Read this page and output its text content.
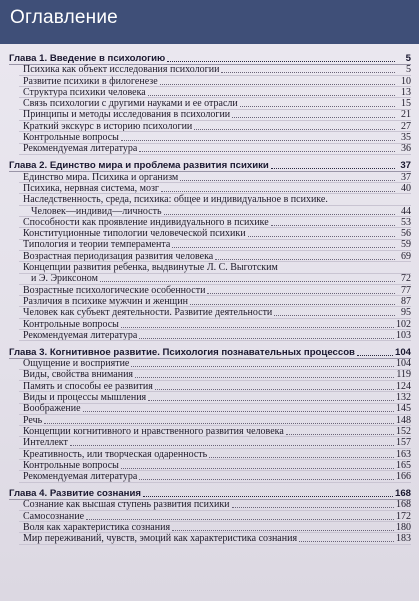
Оглавление
Глава 1. Введение в психологию	5
Психика как объект исследования психологии	5
Развитие психики в филогенезе	10
Структура психики человека	13
Связь психологии с другими науками и ее отрасли	15
Принципы и методы исследования в психологии	21
Краткий экскурс в историю психологии	27
Контрольные вопросы	35
Рекомендуемая литература	36
Глава 2. Единство мира и проблема развития психики	37
Единство мира. Психика и организм	37
Психика, нервная система, мозг	40
Наследственность, среда, психика: общее и индивидуальное в психике.
Человек—индивид—личность	44
Способности как проявление индивидуального в психике	53
Конституционные типологии человеческой психики	56
Типология и теории темперамента	59
Возрастная периодизация развития человека	69
Концепции развития ребенка, выдвинутые Л. С. Выготским
и Э. Эриксоном	72
Возрастные психологические особенности	77
Различия в психике мужчин и женщин	87
Человек как субъект деятельности. Развитие деятельности	95
Контрольные вопросы	102
Рекомендуемая литература	103
Глава 3. Когнитивное развитие. Психология познавательных процессов	104
Ощущение и восприятие	104
Виды, свойства внимания	119
Память и способы ее развития	124
Виды и процессы мышления	132
Воображение	145
Речь	148
Концепции когнитивного и нравственного развития человека	152
Интеллект	157
Креативность, или творческая одаренность	163
Контрольные вопросы	165
Рекомендуемая литература	166
Глава 4. Развитие сознания	168
Сознание как высшая ступень развития психики	168
Самосознание	172
Воля как характеристика сознания	180
Мир переживаний, чувств, эмоций как характеристика сознания	183
